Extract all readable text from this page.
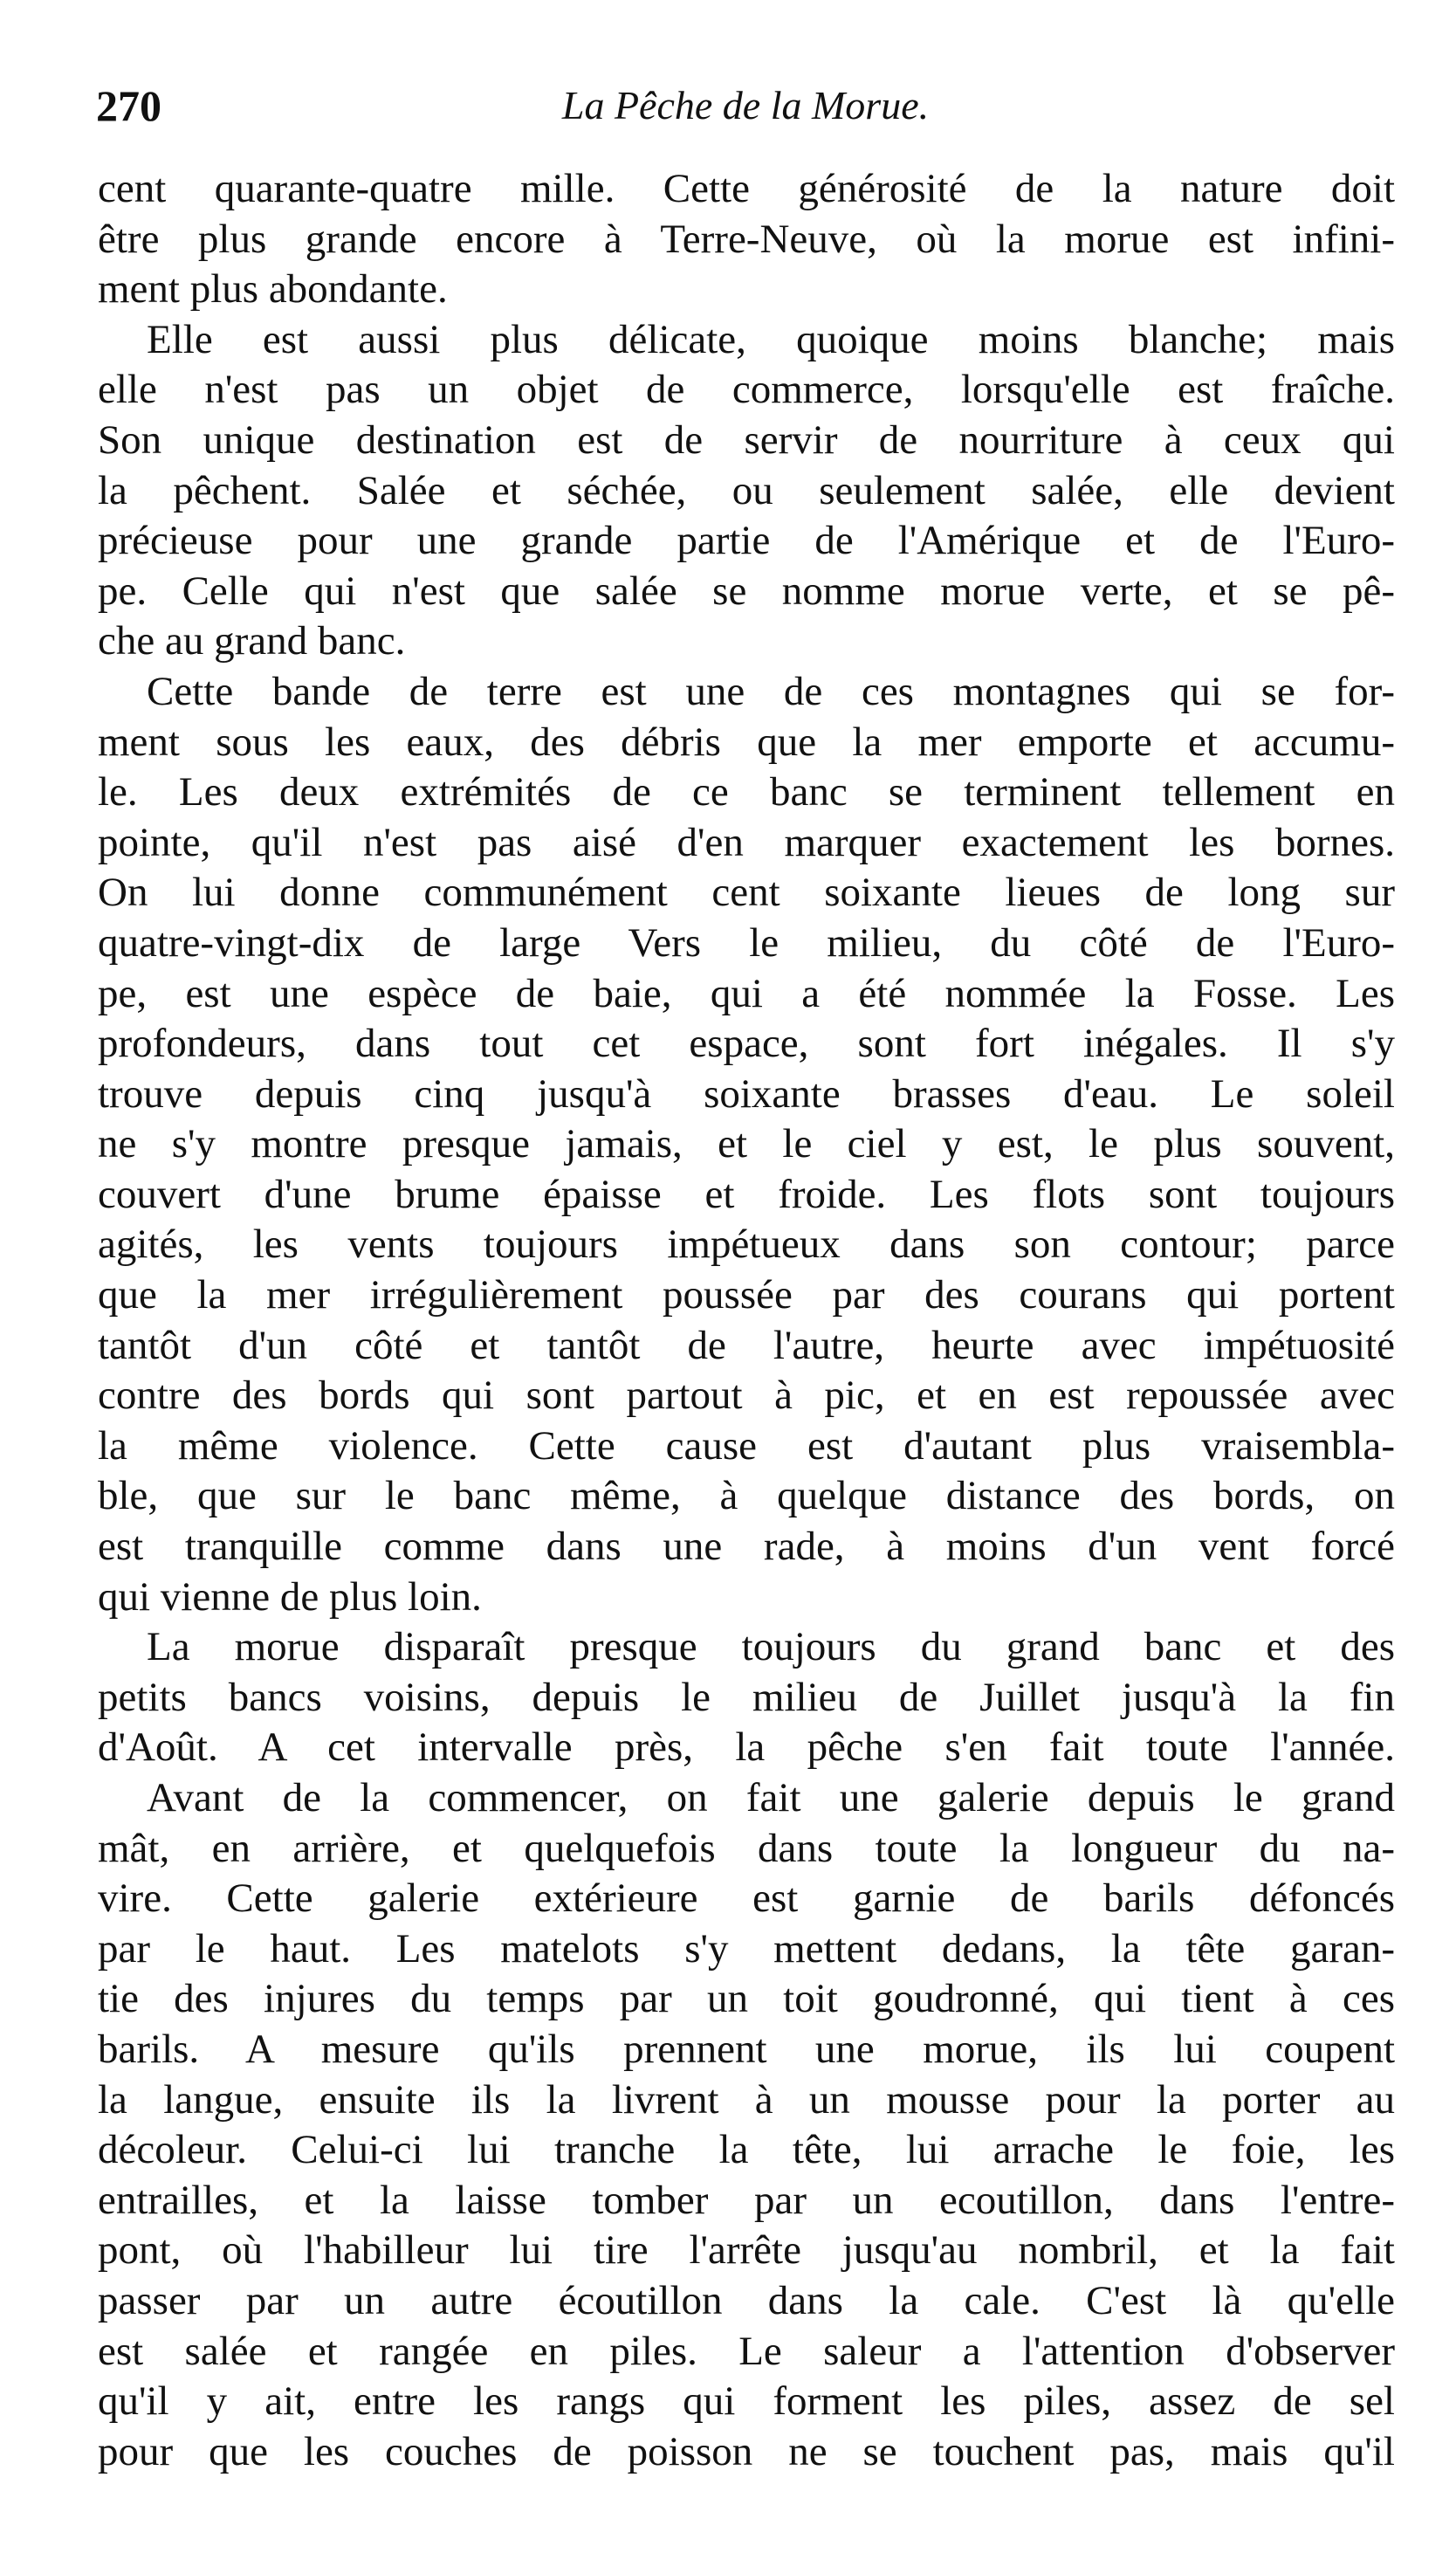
270	La Pêche de la Morue.

cent quarante-quatre mille. Cette générosité de la nature doit

être plus grande encore à Terre-Neuve, où la morue est infini-

ment plus abondante.

Elle est aussi plus délicate, quoique moins blanche; mais

elle n'est pas un objet de commerce, lorsqu'elle est fraîche.

Son unique destination est de servir de nourriture à ceux qui

la pêchent. Salée et séchée, ou seulement salée, elle devient

précieuse pour une grande partie de l'Amérique et de l'Euro-

pe. Celle qui n'est que salée se nomme morue verte, et se pê-

che au grand banc.

Cette bande de terre est une de ces montagnes qui se for-

ment sous les eaux, des débris que la mer emporte et accumu-

le. Les deux extrémités de ce banc se terminent tellement en

pointe, qu'il n'est pas aisé d'en marquer exactement les bornes.

On lui donne communément cent soixante lieues de long sur

quatre-vingt-dix de large Vers le milieu, du côté de l'Euro-

pe, est une espèce de baie, qui a été nommée la Fosse. Les

profondeurs, dans tout cet espace, sont fort inégales. Il s'y

trouve depuis cinq jusqu'à soixante brasses d'eau. Le soleil

ne s'y montre presque jamais, et le ciel y est, le plus souvent,

couvert d'une brume épaisse et froide. Les flots sont toujours

agités, les vents toujours impétueux dans son contour; parce

que la mer irrégulièrement poussée par des courans qui portent

tantôt d'un côté et tantôt de l'autre, heurte avec impétuosité

contre des bords qui sont partout à pic, et en est repoussée avec

la même violence. Cette cause est d'autant plus vraisembla-

ble, que sur le banc même, à quelque distance des bords, on

est tranquille comme dans une rade, à moins d'un vent forcé

qui vienne de plus loin.

La morue disparaît presque toujours du grand banc et des

petits bancs voisins, depuis le milieu de Juillet jusqu'à la fin

d'Août. A cet intervalle près, la pêche s'en fait toute l'année.

Avant de la commencer, on fait une galerie depuis le grand

mât, en arrière, et quelquefois dans toute la longueur du na-

vire. Cette galerie extérieure est garnie de barils défoncés

par le haut. Les matelots s'y mettent dedans, la tête garan-

tie des injures du temps par un toit goudronné, qui tient à ces

barils. A mesure qu'ils prennent une morue, ils lui coupent

la langue, ensuite ils la livrent à un mousse pour la porter au

décoleur. Celui-ci lui tranche la tête, lui arrache le foie, les

entrailles, et la laisse tomber par un ecoutillon, dans l'entre-

pont, où l'habilleur lui tire l'arrête jusqu'au nombril, et la fait

passer par un autre écoutillon dans la cale. C'est là qu'elle

est salée et rangée en piles. Le saleur a l'attention d'observer

qu'il y ait, entre les rangs qui forment les piles, assez de sel

pour que les couches de poisson ne se touchent pas, mais qu'il
